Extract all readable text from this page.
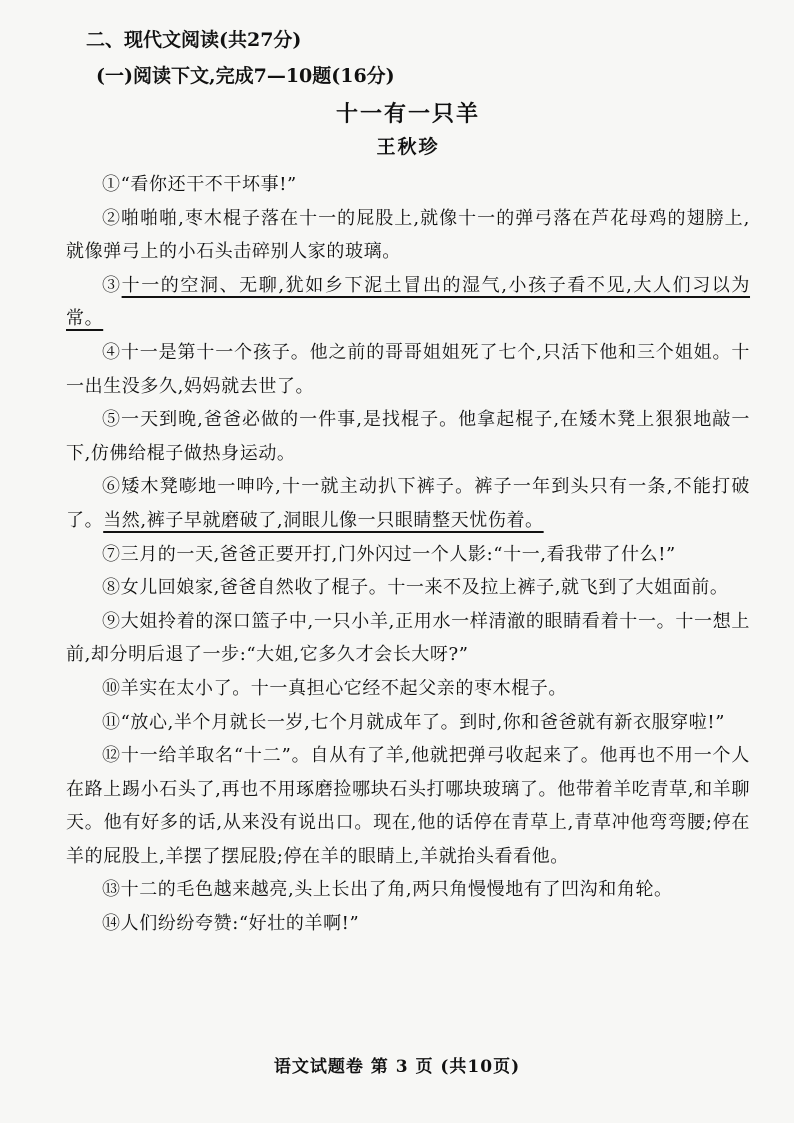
二、现代文阅读(共27分)
(一)阅读下文,完成7—10题(16分)
十一有一只羊
王秋珍

①“看你还干不干坏事!”

②啪啪啪,枣木棍子落在十一的屁股上,就像十一的弹弓落在芦花母鸡的翅膀上,就像弹弓上的小石头击碎别人家的玻璃。

③十一的空洞、无聊,犹如乡下泥土冒出的湿气,小孩子看不见,大人们习以为常。

④十一是第十一个孩子。他之前的哥哥姐姐死了七个,只活下他和三个姐姐。十一出生没多久,妈妈就去世了。

⑤一天到晚,爸爸必做的一件事,是找棍子。他拿起棍子,在矮木凳上狠狠地敲一下,仿佛给棍子做热身运动。

⑥矮木凳嘭地一呻吟,十一就主动扒下裤子。裤子一年到头只有一条,不能打破了。当然,裤子早就磨破了,洞眼儿像一只眼睛整天忧伤着。

⑦三月的一天,爸爸正要开打,门外闪过一个人影:“十一,看我带了什么!”

⑧女儿回娘家,爸爸自然收了棍子。十一来不及拉上裤子,就飞到了大姐面前。

⑨大姐拎着的深口篮子中,一只小羊,正用水一样清澈的眼睛看着十一。十一想上前,却分明后退了一步:“大姐,它多久才会长大呀?”

⑩羊实在太小了。十一真担心它经不起父亲的枣木棍子。

⑪“放心,半个月就长一岁,七个月就成年了。到时,你和爸爸就有新衣服穿啦!”

⑫十一给羊取名“十二”。自从有了羊,他就把弹弓收起来了。他再也不用一个人在路上踢小石头了,再也不用琢磨捡哪块石头打哪块玻璃了。他带着羊吃青草,和羊聊天。他有好多的话,从来没有说出口。现在,他的话停在青草上,青草冲他弯弯腰;停在羊的屁股上,羊摆了摆屁股;停在羊的眼睛上,羊就抬头看看他。

⑬十二的毛色越来越亮,头上长出了角,两只角慢慢地有了凹沟和角轮。

⑭人们纷纷夸赞:“好壮的羊啊!”

语文试题卷 第 3 页 (共10页)
